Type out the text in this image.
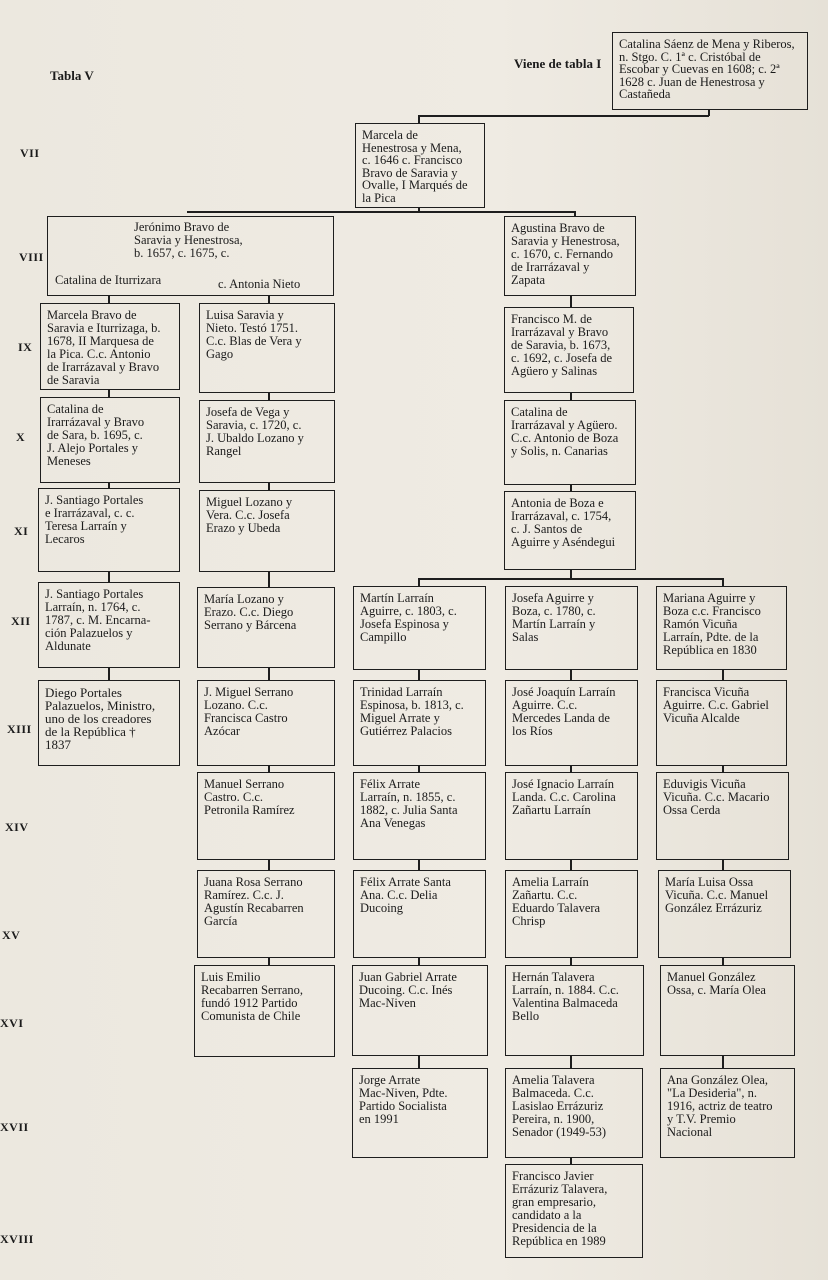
Tabla V
Viene de tabla I
VII
VIII
IX
X
XI
XII
XIII
XIV
XV
XVI
XVII
XVIII
Catalina de Iturrizara	c. Antonia Nieto
Catalina Sáenz de Mena y Riberos,
n. Stgo. C. 1ª c. Cristóbal de
Escobar y Cuevas en 1608; c. 2ª
1628 c. Juan de Henestrosa y
Castañeda
Marcela de
Henestrosa y Mena,
c. 1646 c. Francisco
Bravo de Saravia y
Ovalle, I Marqués de
la Pica
Jerónimo Bravo de
Saravia y Henestrosa,
b. 1657, c. 1675, c.
Agustina Bravo de
Saravia y Henestrosa,
c. 1670, c. Fernando
de Irarrázaval y
Zapata
Marcela Bravo de
Saravia e Iturrizaga, b.
1678, II Marquesa de
la Pica. C.c. Antonio
de Irarrázaval y Bravo
de Saravia
Luisa Saravia y
Nieto. Testó 1751.
C.c. Blas de Vera y
Gago
Francisco M. de
Irarrázaval y Bravo
de Saravia, b. 1673,
c. 1692, c. Josefa de
Agüero y Salinas
Catalina de
Irarrázaval y Bravo
de Sara, b. 1695, c.
J. Alejo Portales y
Meneses
Josefa de Vega y
Saravia, c. 1720, c.
J. Ubaldo Lozano y
Rangel
Catalina de
Irarrázaval y Agüero.
C.c. Antonio de Boza
y Solis, n. Canarias
J. Santiago Portales
e Irarrázaval, c. c.
Teresa Larraín y
Lecaros
Miguel Lozano y
Vera. C.c. Josefa
Erazo y Ubeda
Antonia de Boza e
Irarrázaval, c. 1754,
c. J. Santos de
Aguirre y Aséndegui
J. Santiago Portales
Larraín, n. 1764, c.
1787, c. M. Encarna-
ción Palazuelos y
Aldunate
María Lozano y
Erazo. C.c. Diego
Serrano y Bárcena
Martín Larraín
Aguirre, c. 1803, c.
Josefa Espinosa y
Campillo
Josefa Aguirre y
Boza, c. 1780, c.
Martín Larraín y
Salas
Mariana Aguirre y
Boza c.c. Francisco
Ramón Vicuña
Larraín, Pdte. de la
República en 1830
Diego Portales
Palazuelos, Ministro,
uno de los creadores
de la República †
1837
J. Miguel Serrano
Lozano. C.c.
Francisca Castro
Azócar
Trinidad Larraín
Espinosa, b. 1813, c.
Miguel Arrate y
Gutiérrez Palacios
José Joaquín Larraín
Aguirre. C.c.
Mercedes Landa de
los Ríos
Francisca Vicuña
Aguirre. C.c. Gabriel
Vicuña Alcalde
Manuel Serrano
Castro. C.c.
Petronila Ramírez
Félix Arrate
Larraín, n. 1855, c.
1882, c. Julia Santa
Ana Venegas
José Ignacio Larraín
Landa. C.c. Carolina
Zañartu Larraín
Eduvigis Vicuña
Vicuña. C.c. Macario
Ossa Cerda
Juana Rosa Serrano
Ramírez. C.c. J.
Agustín Recabarren
García
Félix Arrate Santa
Ana. C.c. Delia
Ducoing
Amelia Larraín
Zañartu. C.c.
Eduardo Talavera
Chrisp
María Luisa Ossa
Vicuña. C.c. Manuel
González Errázuriz
Luis Emilio
Recabarren Serrano,
fundó 1912 Partido
Comunista de Chile
Juan Gabriel Arrate
Ducoing. C.c. Inés
Mac-Niven
Hernán Talavera
Larraín, n. 1884. C.c.
Valentina Balmaceda
Bello
Manuel González
Ossa, c. María Olea
Jorge Arrate
Mac-Niven, Pdte.
Partido Socialista
en 1991
Amelia Talavera
Balmaceda. C.c.
Lasislao Errázuriz
Pereira, n. 1900,
Senador (1949-53)
Ana González Olea,
"La Desideria", n.
1916, actriz de teatro
y T.V. Premio
Nacional
Francisco Javier
Errázuriz Talavera,
gran empresario,
candidato a la
Presidencia de la
República en 1989
